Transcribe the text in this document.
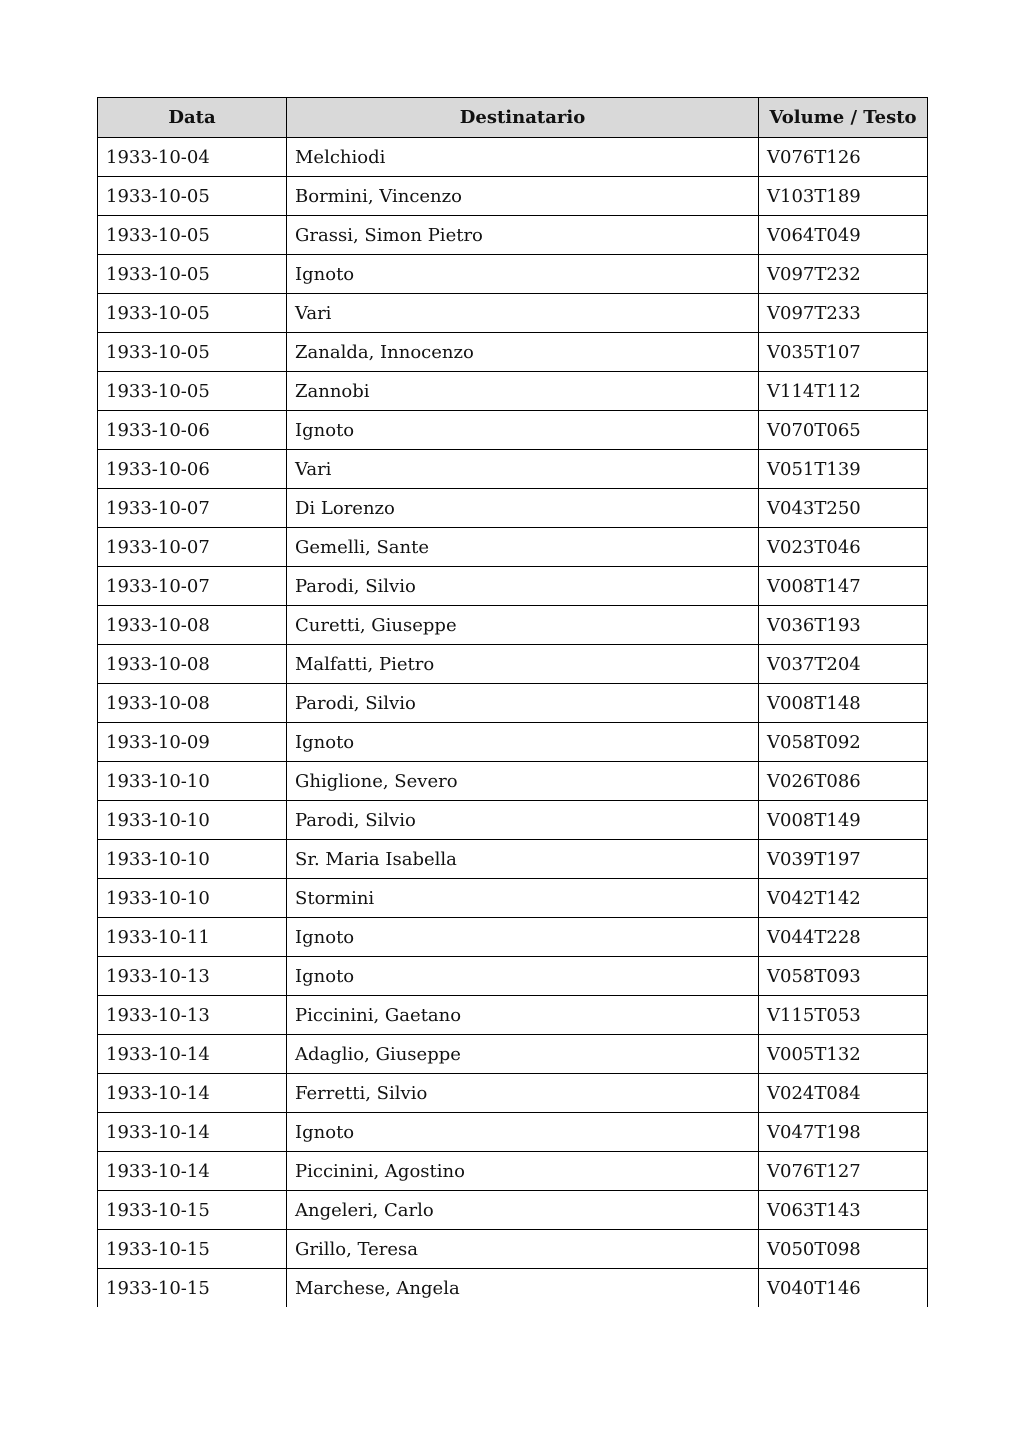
Data	Destinatario	Volume / Testo
1933-10-04	Melchiodi	V076T126
1933-10-05	Bormini, Vincenzo	V103T189
1933-10-05	Grassi, Simon Pietro	V064T049
1933-10-05	Ignoto	V097T232
1933-10-05	Vari	V097T233
1933-10-05	Zanalda, Innocenzo	V035T107
1933-10-05	Zannobi	V114T112
1933-10-06	Ignoto	V070T065
1933-10-06	Vari	V051T139
1933-10-07	Di Lorenzo	V043T250
1933-10-07	Gemelli, Sante	V023T046
1933-10-07	Parodi, Silvio	V008T147
1933-10-08	Curetti, Giuseppe	V036T193
1933-10-08	Malfatti, Pietro	V037T204
1933-10-08	Parodi, Silvio	V008T148
1933-10-09	Ignoto	V058T092
1933-10-10	Ghiglione, Severo	V026T086
1933-10-10	Parodi, Silvio	V008T149
1933-10-10	Sr. Maria Isabella	V039T197
1933-10-10	Stormini	V042T142
1933-10-11	Ignoto	V044T228
1933-10-13	Ignoto	V058T093
1933-10-13	Piccinini, Gaetano	V115T053
1933-10-14	Adaglio, Giuseppe	V005T132
1933-10-14	Ferretti, Silvio	V024T084
1933-10-14	Ignoto	V047T198
1933-10-14	Piccinini, Agostino	V076T127
1933-10-15	Angeleri, Carlo	V063T143
1933-10-15	Grillo, Teresa	V050T098
1933-10-15	Marchese, Angela	V040T146
